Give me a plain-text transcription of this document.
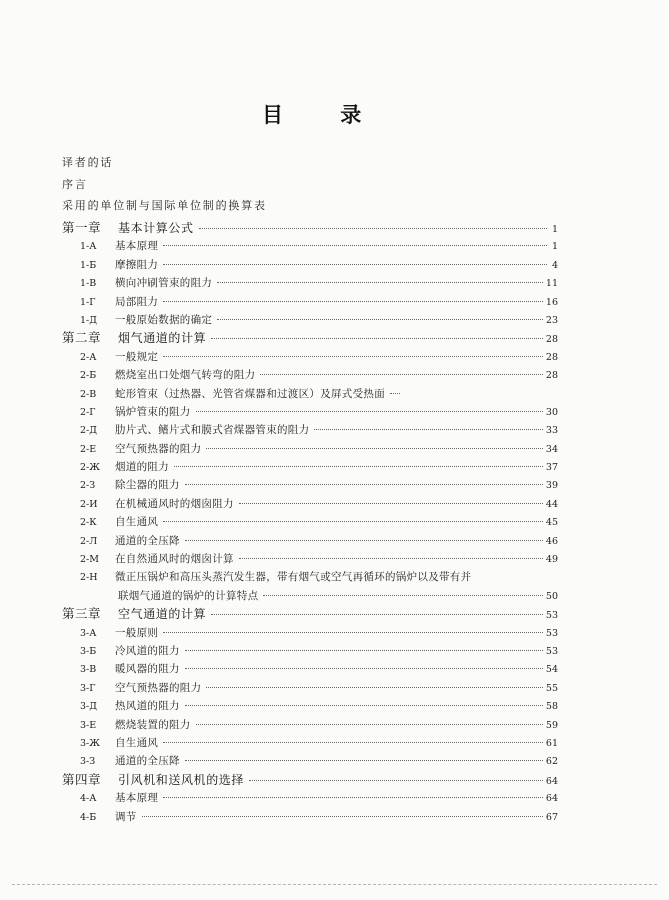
目 录
译者的话
序言
采用的单位制与国际单位制的换算表
第一章	基本计算公式	1
1-А	基本原理	1
1-Б	摩擦阻力	4
1-В	横向冲刷管束的阻力	11
1-Г	局部阻力	16
1-Д	一般原始数据的确定	23
第二章	烟气通道的计算	28
2-А	一般规定	28
2-Б	燃烧室出口处烟气转弯的阻力	28
2-В	蛇形管束（过热器、光管省煤器和过渡区）及屏式受热面
2-Г	锅炉管束的阻力	30
2-Д	肋片式、鳍片式和膜式省煤器管束的阻力	33
2-Е	空气预热器的阻力	34
2-Ж	烟道的阻力	37
2-З	除尘器的阻力	39
2-И	在机械通风时的烟囱阻力	44
2-К	自生通风	45
2-Л	通道的全压降	46
2-М	在自然通风时的烟囱计算	49
2-Н	微正压锅炉和高压头蒸汽发生器，带有烟气或空气再循环的锅炉以及带有并
联烟气通道的锅炉的计算特点	50
第三章	空气通道的计算	53
3-А	一般原则	53
3-Б	冷风道的阻力	53
3-В	暖风器的阻力	54
3-Г	空气预热器的阻力	55
3-Д	热风道的阻力	58
3-Е	燃烧装置的阻力	59
3-Ж	自生通风	61
3-З	通道的全压降	62
第四章	引风机和送风机的选择	64
4-А	基本原理	64
4-Б	调节	67
